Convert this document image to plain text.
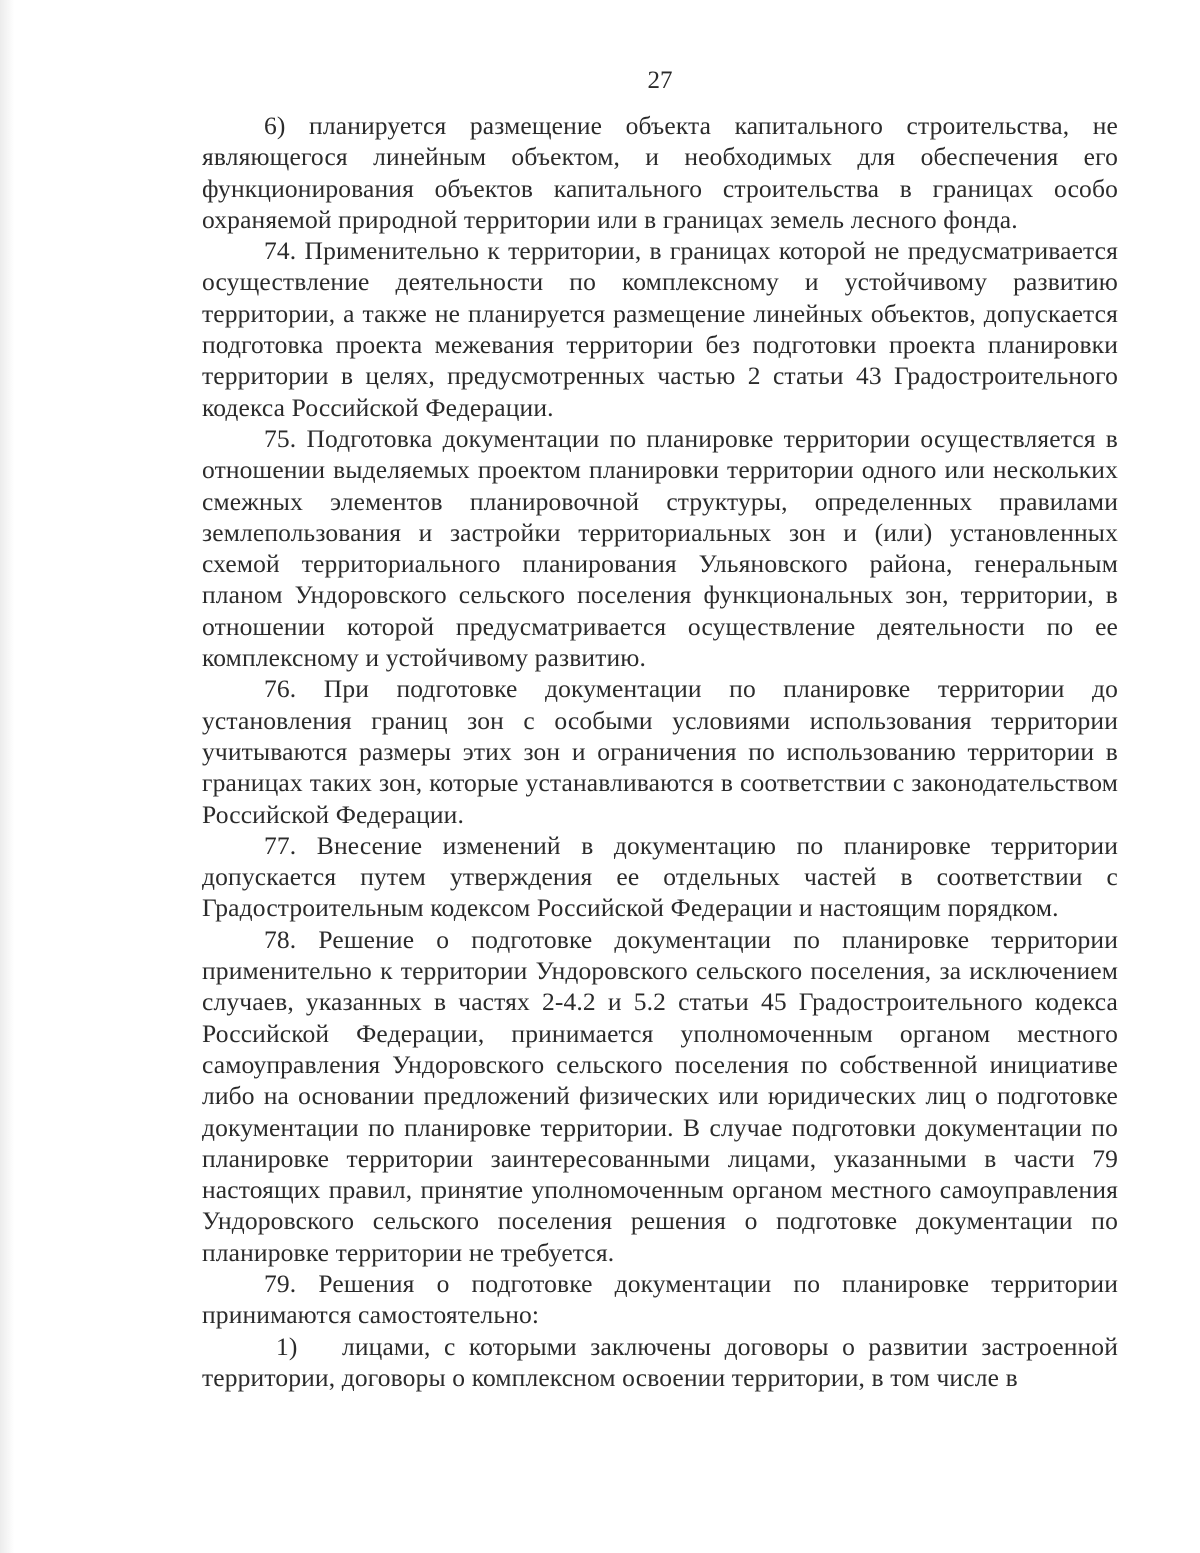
27

6) планируется размещение объекта капитального строительства, не являющегося линейным объектом, и необходимых для обеспечения его функционирования объектов капитального строительства в границах особо охраняемой природной территории или в границах земель лесного фонда.

74. Применительно к территории, в границах которой не предусматривается осуществление деятельности по комплексному и устойчивому развитию территории, а также не планируется размещение линейных объектов, допускается подготовка проекта межевания территории без подготовки проекта планировки территории в целях, предусмотренных частью 2 статьи 43 Градостроительного кодекса Российской Федерации.

75. Подготовка документации по планировке территории осуществляется в отношении выделяемых проектом планировки территории одного или нескольких смежных элементов планировочной структуры, определенных правилами землепользования и застройки территориальных зон и (или) установленных схемой территориального планирования Ульяновского района, генеральным планом Ундоровского сельского поселения функциональных зон, территории, в отношении которой предусматривается осуществление деятельности по ее комплексному и устойчивому развитию.

76. При подготовке документации по планировке территории до установления границ зон с особыми условиями использования территории учитываются размеры этих зон и ограничения по использованию территории в границах таких зон, которые устанавливаются в соответствии с законодательством Российской Федерации.

77. Внесение изменений в документацию по планировке территории допускается путем утверждения ее отдельных частей в соответствии с Градостроительным кодексом Российской Федерации и настоящим порядком.

78. Решение о подготовке документации по планировке территории применительно к территории Ундоровского сельского поселения, за исключением случаев, указанных в частях 2-4.2 и 5.2 статьи 45 Градостроительного кодекса Российской Федерации, принимается уполномоченным органом местного самоуправления Ундоровского сельского поселения по собственной инициативе либо на основании предложений физических или юридических лиц о подготовке документации по планировке территории. В случае подготовки документации по планировке территории заинтересованными лицами, указанными в части 79 настоящих правил, принятие уполномоченным органом местного самоуправления Ундоровского сельского поселения решения о подготовке документации по планировке территории не требуется.

79. Решения о подготовке документации по планировке территории принимаются самостоятельно:

1) лицами, с которыми заключены договоры о развитии застроенной территории, договоры о комплексном освоении территории, в том числе в
